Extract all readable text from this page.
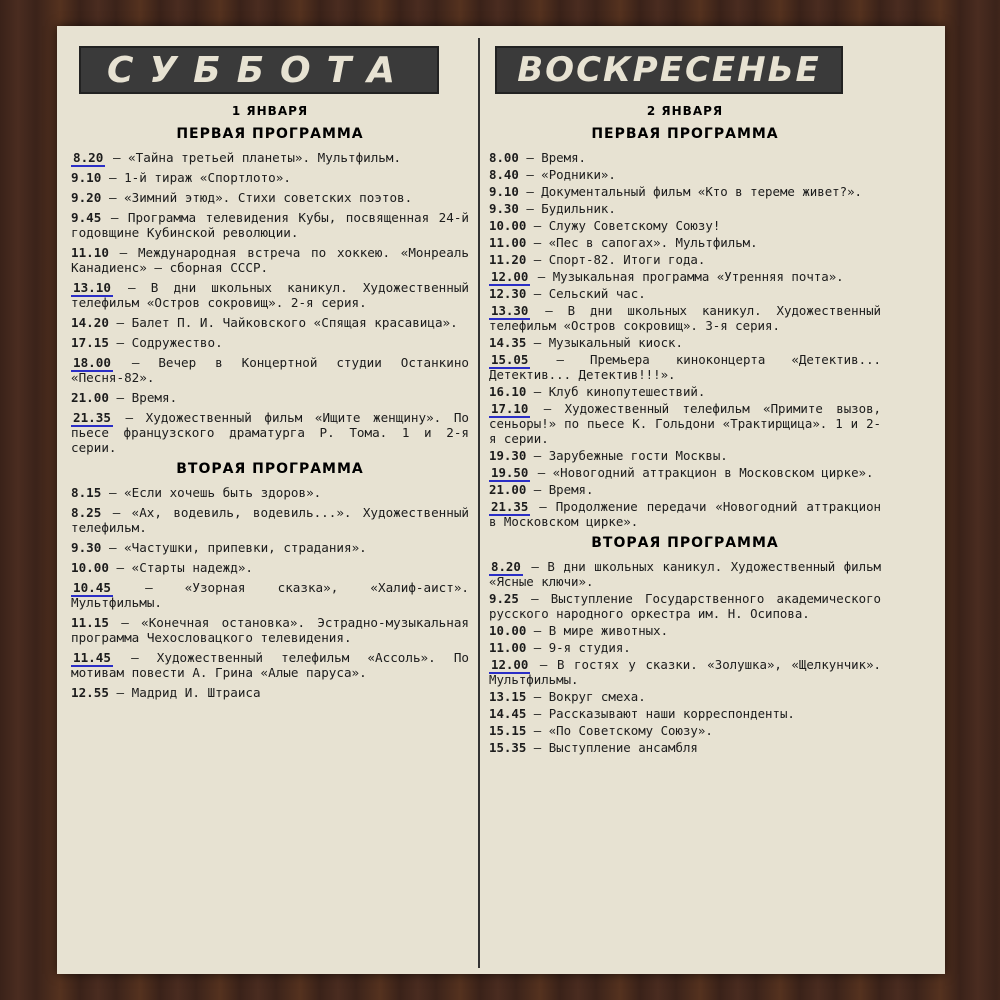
СУББОТА
1 ЯНВАРЯ
ПЕРВАЯ ПРОГРАММА
8.20 — «Тайна третьей планеты». Мультфильм.
9.10 — 1-й тираж «Спортлото».
9.20 — «Зимний этюд». Стихи советских поэтов.
9.45 — Программа телевидения Кубы, посвященная 24-й годовщине Кубинской революции.
11.10 — Международная встреча по хоккею. «Монреаль Канадиенс» — сборная СССР.
13.10 — В дни школьных каникул. Художественный телефильм «Остров сокровищ». 2-я серия.
14.20 — Балет П. И. Чайковского «Спящая красавица».
17.15 — Содружество.
18.00 — Вечер в Концертной студии Останкино «Песня-82».
21.00 — Время.
21.35 — Художественный фильм «Ищите женщину». По пьесе французского драматурга Р. Тома. 1 и 2-я серии.
ВТОРАЯ ПРОГРАММА
8.15 — «Если хочешь быть здоров».
8.25 — «Ах, водевиль, водевиль...». Художественный телефильм.
9.30 — «Частушки, припевки, страдания».
10.00 — «Старты надежд».
10.45	— «Узорная сказка», «Халиф-аист». Мультфильмы.
11.15 — «Конечная остановка». Эстрадно-музыкальная программа Чехословацкого телевидения.
11.45 — Художественный телефильм «Ассоль». По мотивам повести А. Грина «Алые паруса».
12.55 — Мадрид И. Штраиса
ВОСКРЕСЕНЬЕ
2 ЯНВАРЯ
ПЕРВАЯ ПРОГРАММА
8.00 — Время.
8.40 — «Родники».
9.10 — Документальный фильм «Кто в тереме живет?».
9.30 — Будильник.
10.00 — Служу Советскому Союзу!
11.00 — «Пес в сапогах». Мультфильм.
11.20 — Спорт-82. Итоги года.
12.00 — Музыкальная программа «Утренняя почта».
12.30 — Сельский час.
13.30 — В дни школьных каникул. Художественный телефильм «Остров сокровищ». 3-я серия.
14.35 — Музыкальный киоск.
15.05 — Премьера киноконцерта «Детектив... Детектив... Детектив!!!».
16.10 — Клуб кинопутешествий.
17.10 — Художественный телефильм «Примите вызов, сеньоры!» по пьесе К. Гольдони «Трактирщица». 1 и 2-я серии.
19.30 — Зарубежные гости Москвы.
19.50 — «Новогодний аттракцион в Московском цирке».
21.00 — Время.
21.35 — Продолжение передачи «Новогодний аттракцион в Московском цирке».
ВТОРАЯ ПРОГРАММА
8.20 — В дни школьных каникул. Художественный фильм «Ясные ключи».
9.25 — Выступление Государственного академического русского народного оркестра им. Н. Осипова.
10.00 — В мире животных.
11.00 — 9-я студия.
12.00 — В гостях у сказки. «Золушка», «Щелкунчик». Мультфильмы.
13.15 — Вокруг смеха.
14.45 — Рассказывают наши корреспонденты.
15.15 — «По Советскому Союзу».
15.35 — Выступление ансамбля
